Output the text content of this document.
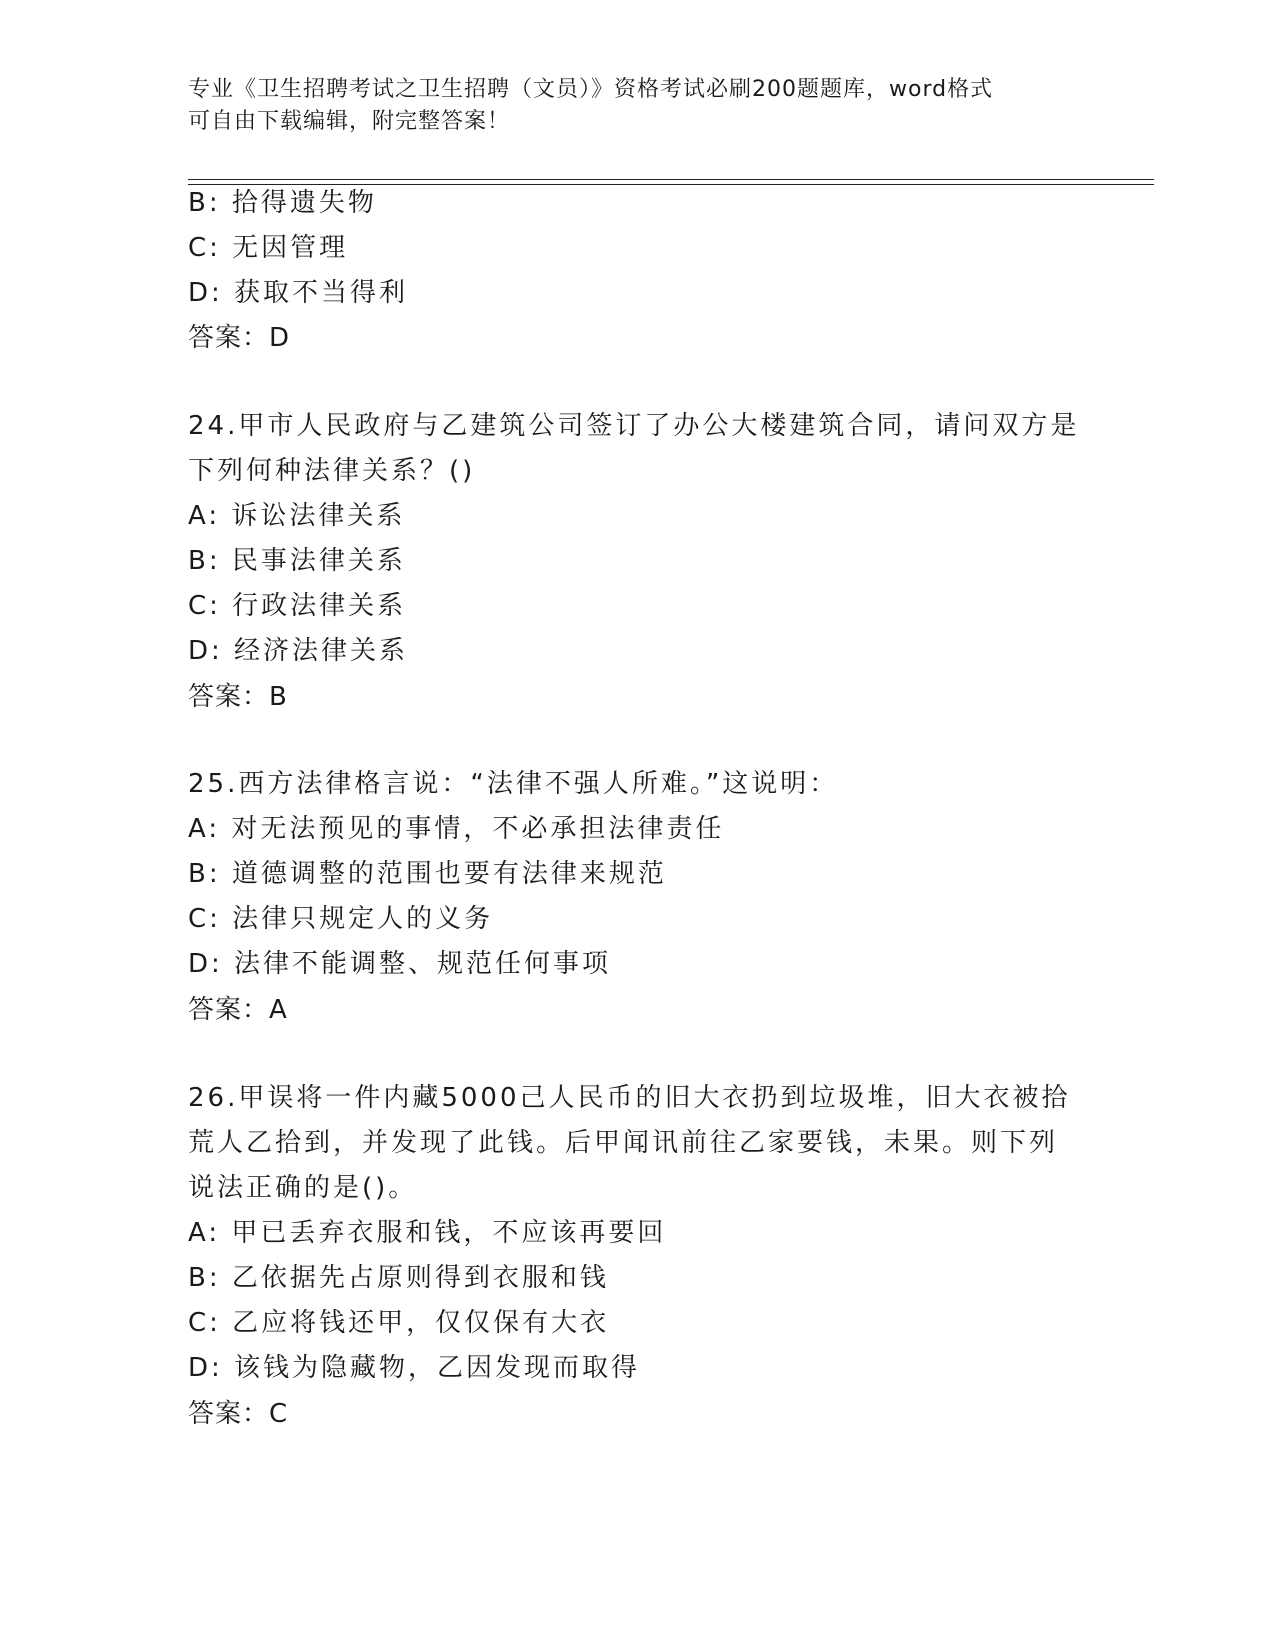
专业《卫生招聘考试之卫生招聘（文员）》资格考试必刷200题题库，word格式
可自由下载编辑，附完整答案！
B: 拾得遗失物
C: 无因管理
D: 获取不当得利
答案：D
24.甲市人民政府与乙建筑公司签订了办公大楼建筑合同，请问双方是
下列何种法律关系？()
A: 诉讼法律关系
B: 民事法律关系
C: 行政法律关系
D: 经济法律关系
答案：B
25.西方法律格言说：“法律不强人所难。”这说明：
A: 对无法预见的事情，不必承担法律责任
B: 道德调整的范围也要有法律来规范
C: 法律只规定人的义务
D: 法律不能调整、规范任何事项
答案：A
26.甲误将一件内藏5000己人民币的旧大衣扔到垃圾堆，旧大衣被拾
荒人乙拾到，并发现了此钱。后甲闻讯前往乙家要钱，未果。则下列
说法正确的是()。
A: 甲已丢弃衣服和钱，不应该再要回
B: 乙依据先占原则得到衣服和钱
C: 乙应将钱还甲，仅仅保有大衣
D: 该钱为隐藏物，乙因发现而取得
答案：C
